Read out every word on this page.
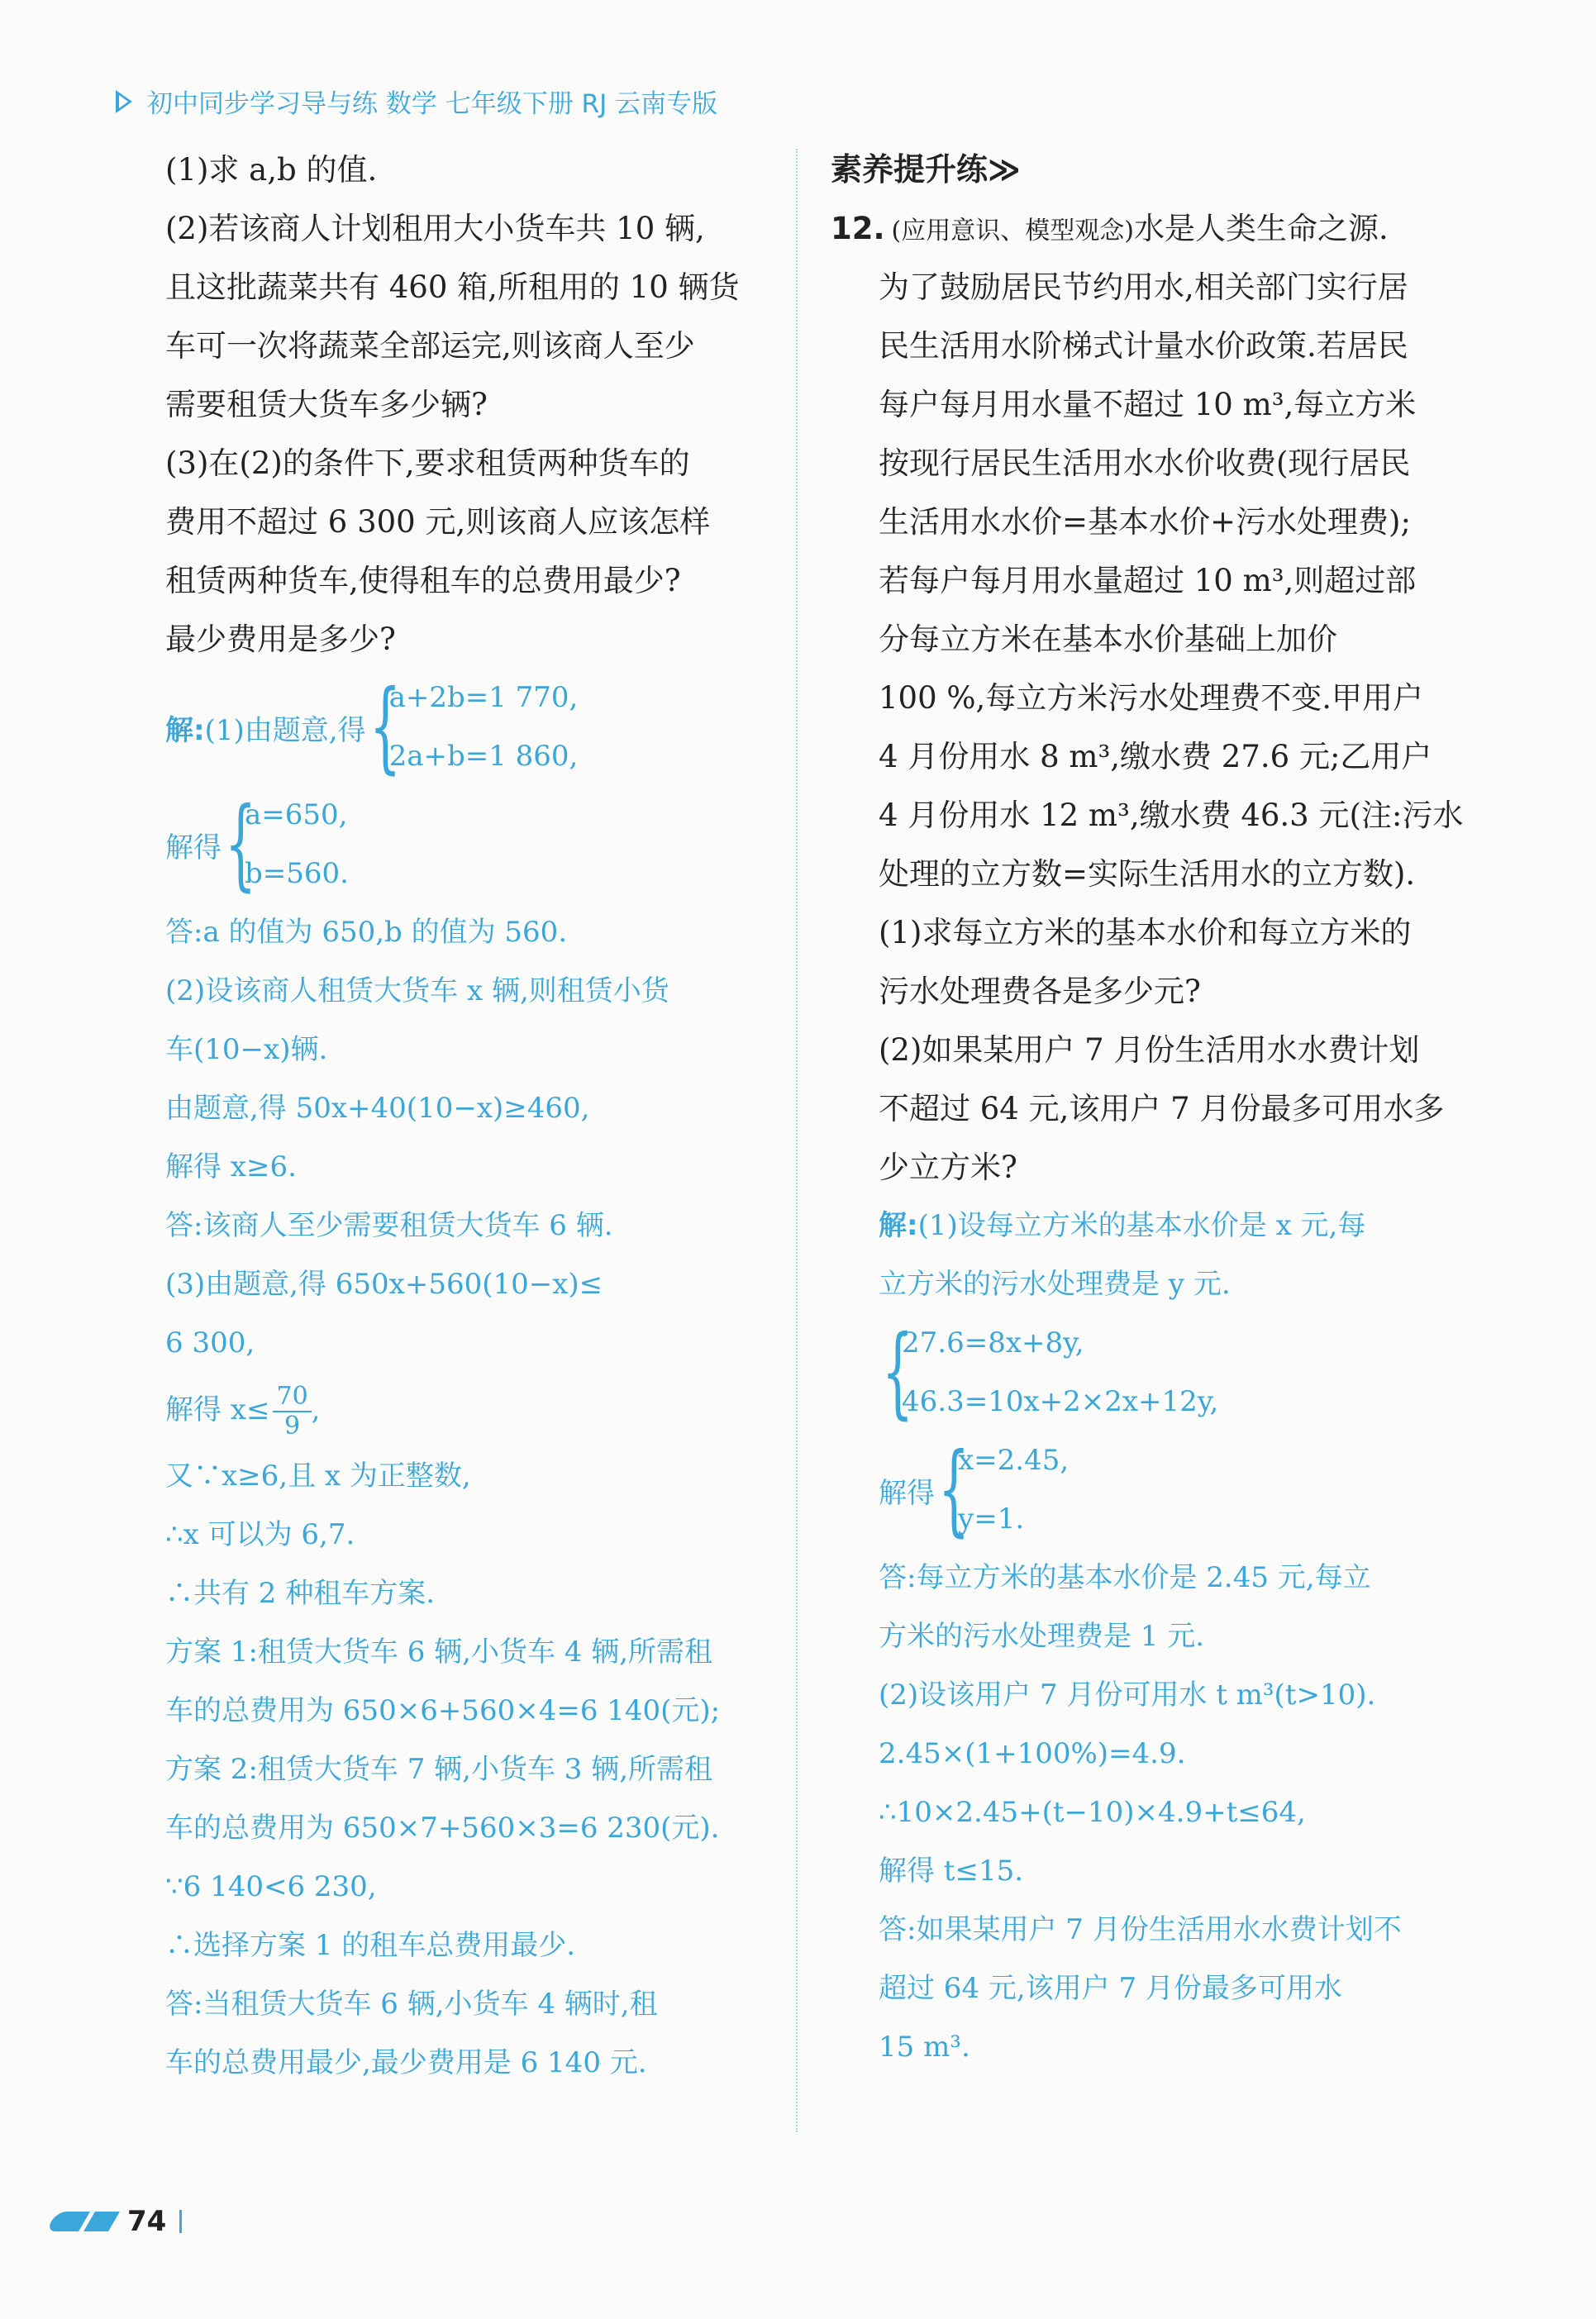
初中同步学习导与练 数学 七年级下册 RJ 云南专版
(1)求 a,b 的值.
(2)若该商人计划租用大小货车共 10 辆,
且这批蔬菜共有 460 箱,所租用的 10 辆货
车可一次将蔬菜全部运完,则该商人至少
需要租赁大货车多少辆?
(3)在(2)的条件下,要求租赁两种货车的
费用不超过 6 300 元,则该商人应该怎样
租赁两种货车,使得租车的总费用最少?
最少费用是多少?
解: (1)由题意,得 {
a+2b=1 770,
2a+b=1 860,
解得 {
a=650,
b=560.
答:a 的值为 650,b 的值为 560.
(2)设该商人租赁大货车 x 辆,则租赁小货
车(10−x)辆.
由题意,得 50x+40(10−x)≥460,
解得 x≥6.
答:该商人至少需要租赁大货车 6 辆.
(3)由题意,得 650x+560(10−x)≤
6 300,
解得 $x\le \frac{70}{9}$ ,
又∵x≥6,且 x 为正整数,
∴x 可以为 6,7.
∴共有 2 种租车方案.
方案 1:租赁大货车 6 辆,小货车 4 辆,所需租
车的总费用为 650×6+560×4=6 140(元);
方案 2:租赁大货车 7 辆,小货车 3 辆,所需租
车的总费用为 650×7+560×3=6 230(元).
∵6 140<6 230,
∴选择方案 1 的租车总费用最少.
答:当租赁大货车 6 辆,小货车 4 辆时,租
车的总费用最少,最少费用是 6 140 元.
素养提升练≫
12. (应用意识、模型观念)水是人类生命之源.
为了鼓励居民节约用水,相关部门实行居
民生活用水阶梯式计量水价政策.若居民
每户每月用水量不超过 10 m³,每立方米
按现行居民生活用水水价收费(现行居民
生活用水水价=基本水价+污水处理费);
若每户每月用水量超过 10 m³,则超过部
分每立方米在基本水价基础上加价
100 %,每立方米污水处理费不变.甲用户
4 月份用水 8 m³,缴水费 27.6 元;乙用户
4 月份用水 12 m³,缴水费 46.3 元(注:污水
处理的立方数=实际生活用水的立方数).
(1)求每立方米的基本水价和每立方米的
污水处理费各是多少元?
(2)如果某用户 7 月份生活用水水费计划
不超过 64 元,该用户 7 月份最多可用水多
少立方米?
解:(1)设每立方米的基本水价是 x 元,每
立方米的污水处理费是 y 元.
{
27.6=8x+8y,
46.3=10x+2×2x+12y,
解得 {
x=2.45,
y=1.
答:每立方米的基本水价是 2.45 元,每立
方米的污水处理费是 1 元.
(2)设该用户 7 月份可用水 t m³(t>10).
2.45×(1+100%)=4.9.
∴10×2.45+(t−10)×4.9+t≤64,
解得 t≤15.
答:如果某用户 7 月份生活用水水费计划不
超过 64 元,该用户 7 月份最多可用水
15 m³.
74
